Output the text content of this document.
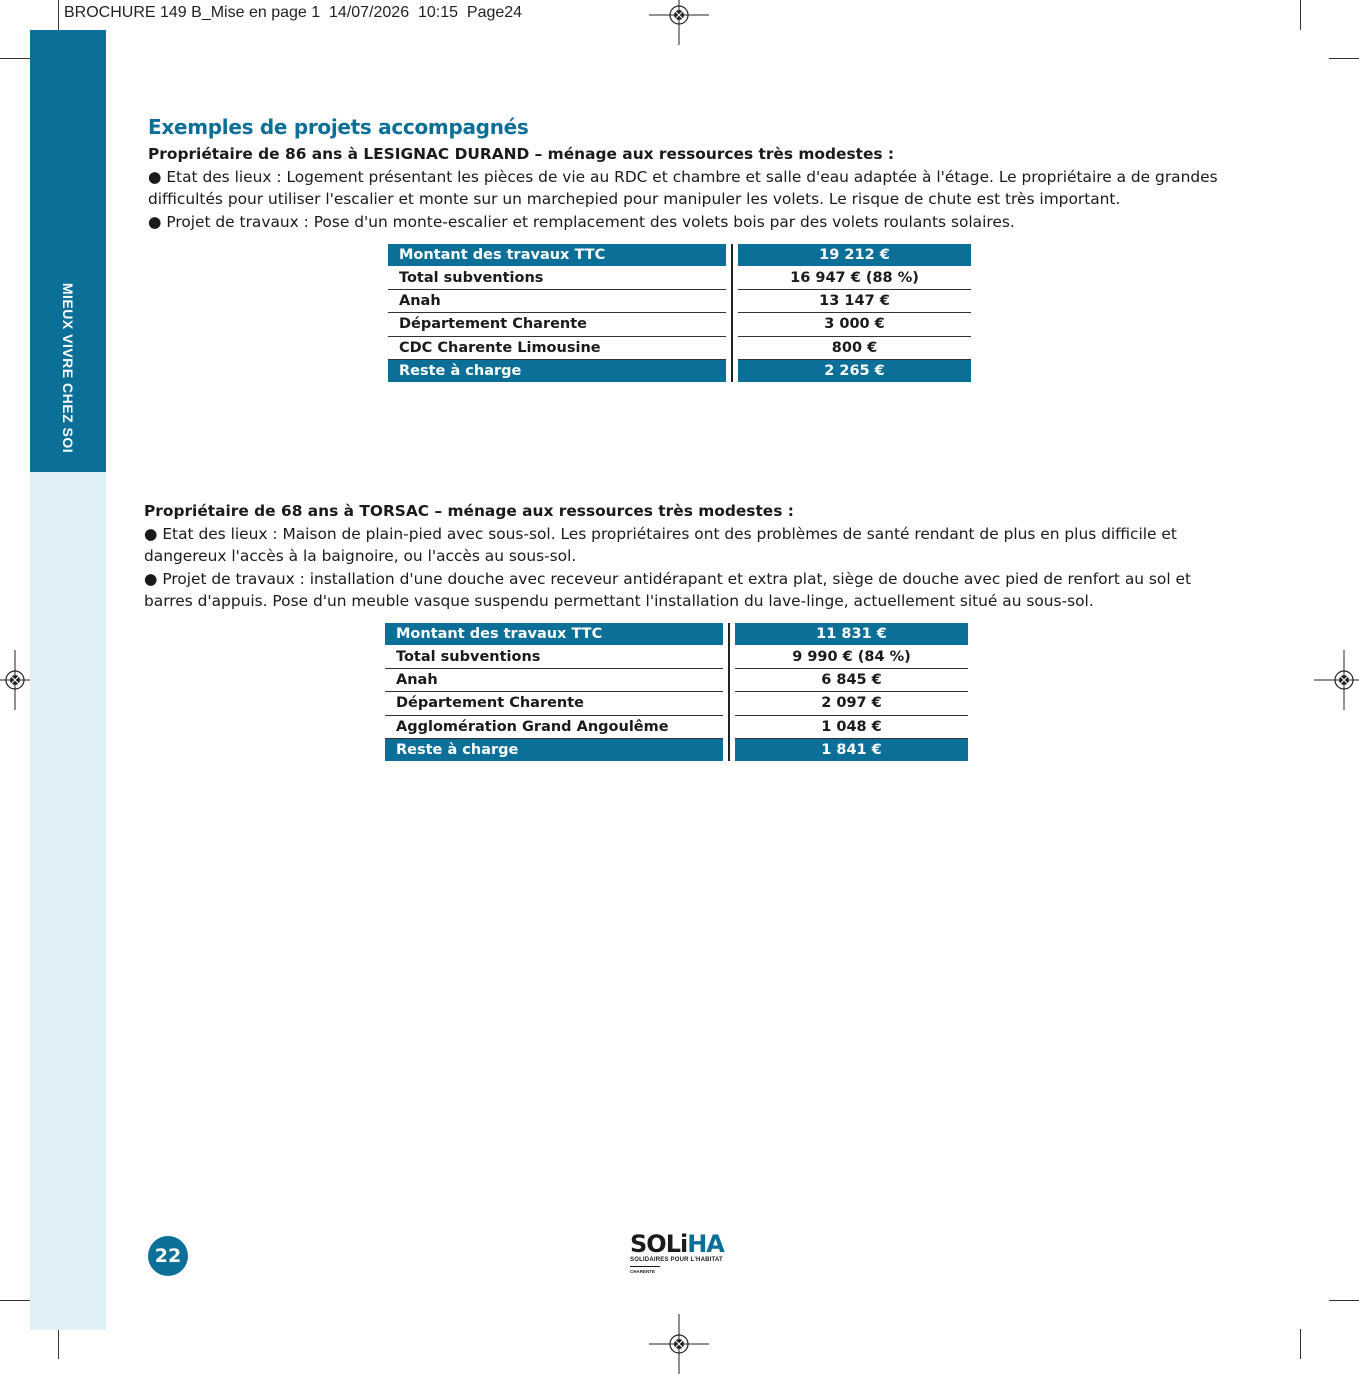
BROCHURE 149 B_Mise en page 1  14/07/2026  10:15  Page24
MIEUX VIVRE CHEZ SOI
Exemples de projets accompagnés

Propriétaire de 86 ans à LESIGNAC DURAND – ménage aux ressources très modestes :

● Etat des lieux : Logement présentant les pièces de vie au RDC et chambre et salle d'eau adaptée à l'étage. Le propriétaire a de grandes difficultés pour utiliser l'escalier et monte sur un marchepied pour manipuler les volets. Le risque de chute est très important.

● Projet de travaux : Pose d'un monte-escalier et remplacement des volets bois par des volets roulants solaires.

Montant des travaux TTC		19 212 €
Total subventions		16 947 € (88 %)
Anah		13 147 €
Département Charente		3 000 €
CDC Charente Limousine		800 €
Reste à charge		2 265 €

Propriétaire de 68 ans à TORSAC – ménage aux ressources très modestes :

● Etat des lieux : Maison de plain-pied avec sous-sol. Les propriétaires ont des problèmes de santé rendant de plus en plus difficile et dangereux l'accès à la baignoire, ou l'accès au sous-sol.

● Projet de travaux : installation d'une douche avec receveur antidérapant et extra plat, siège de douche avec pied de renfort au sol et barres d'appuis. Pose d'un meuble vasque suspendu permettant l'installation du lave-linge, actuellement situé au sous-sol.

Montant des travaux TTC		11 831 €
Total subventions		9 990 € (84 %)
Anah		6 845 €
Département Charente		2 097 €
Agglomération Grand Angoulême		1 048 €
Reste à charge		1 841 €
22	SOLiHA
SOLIDAIRES POUR L'HABITAT
CHARENTE
